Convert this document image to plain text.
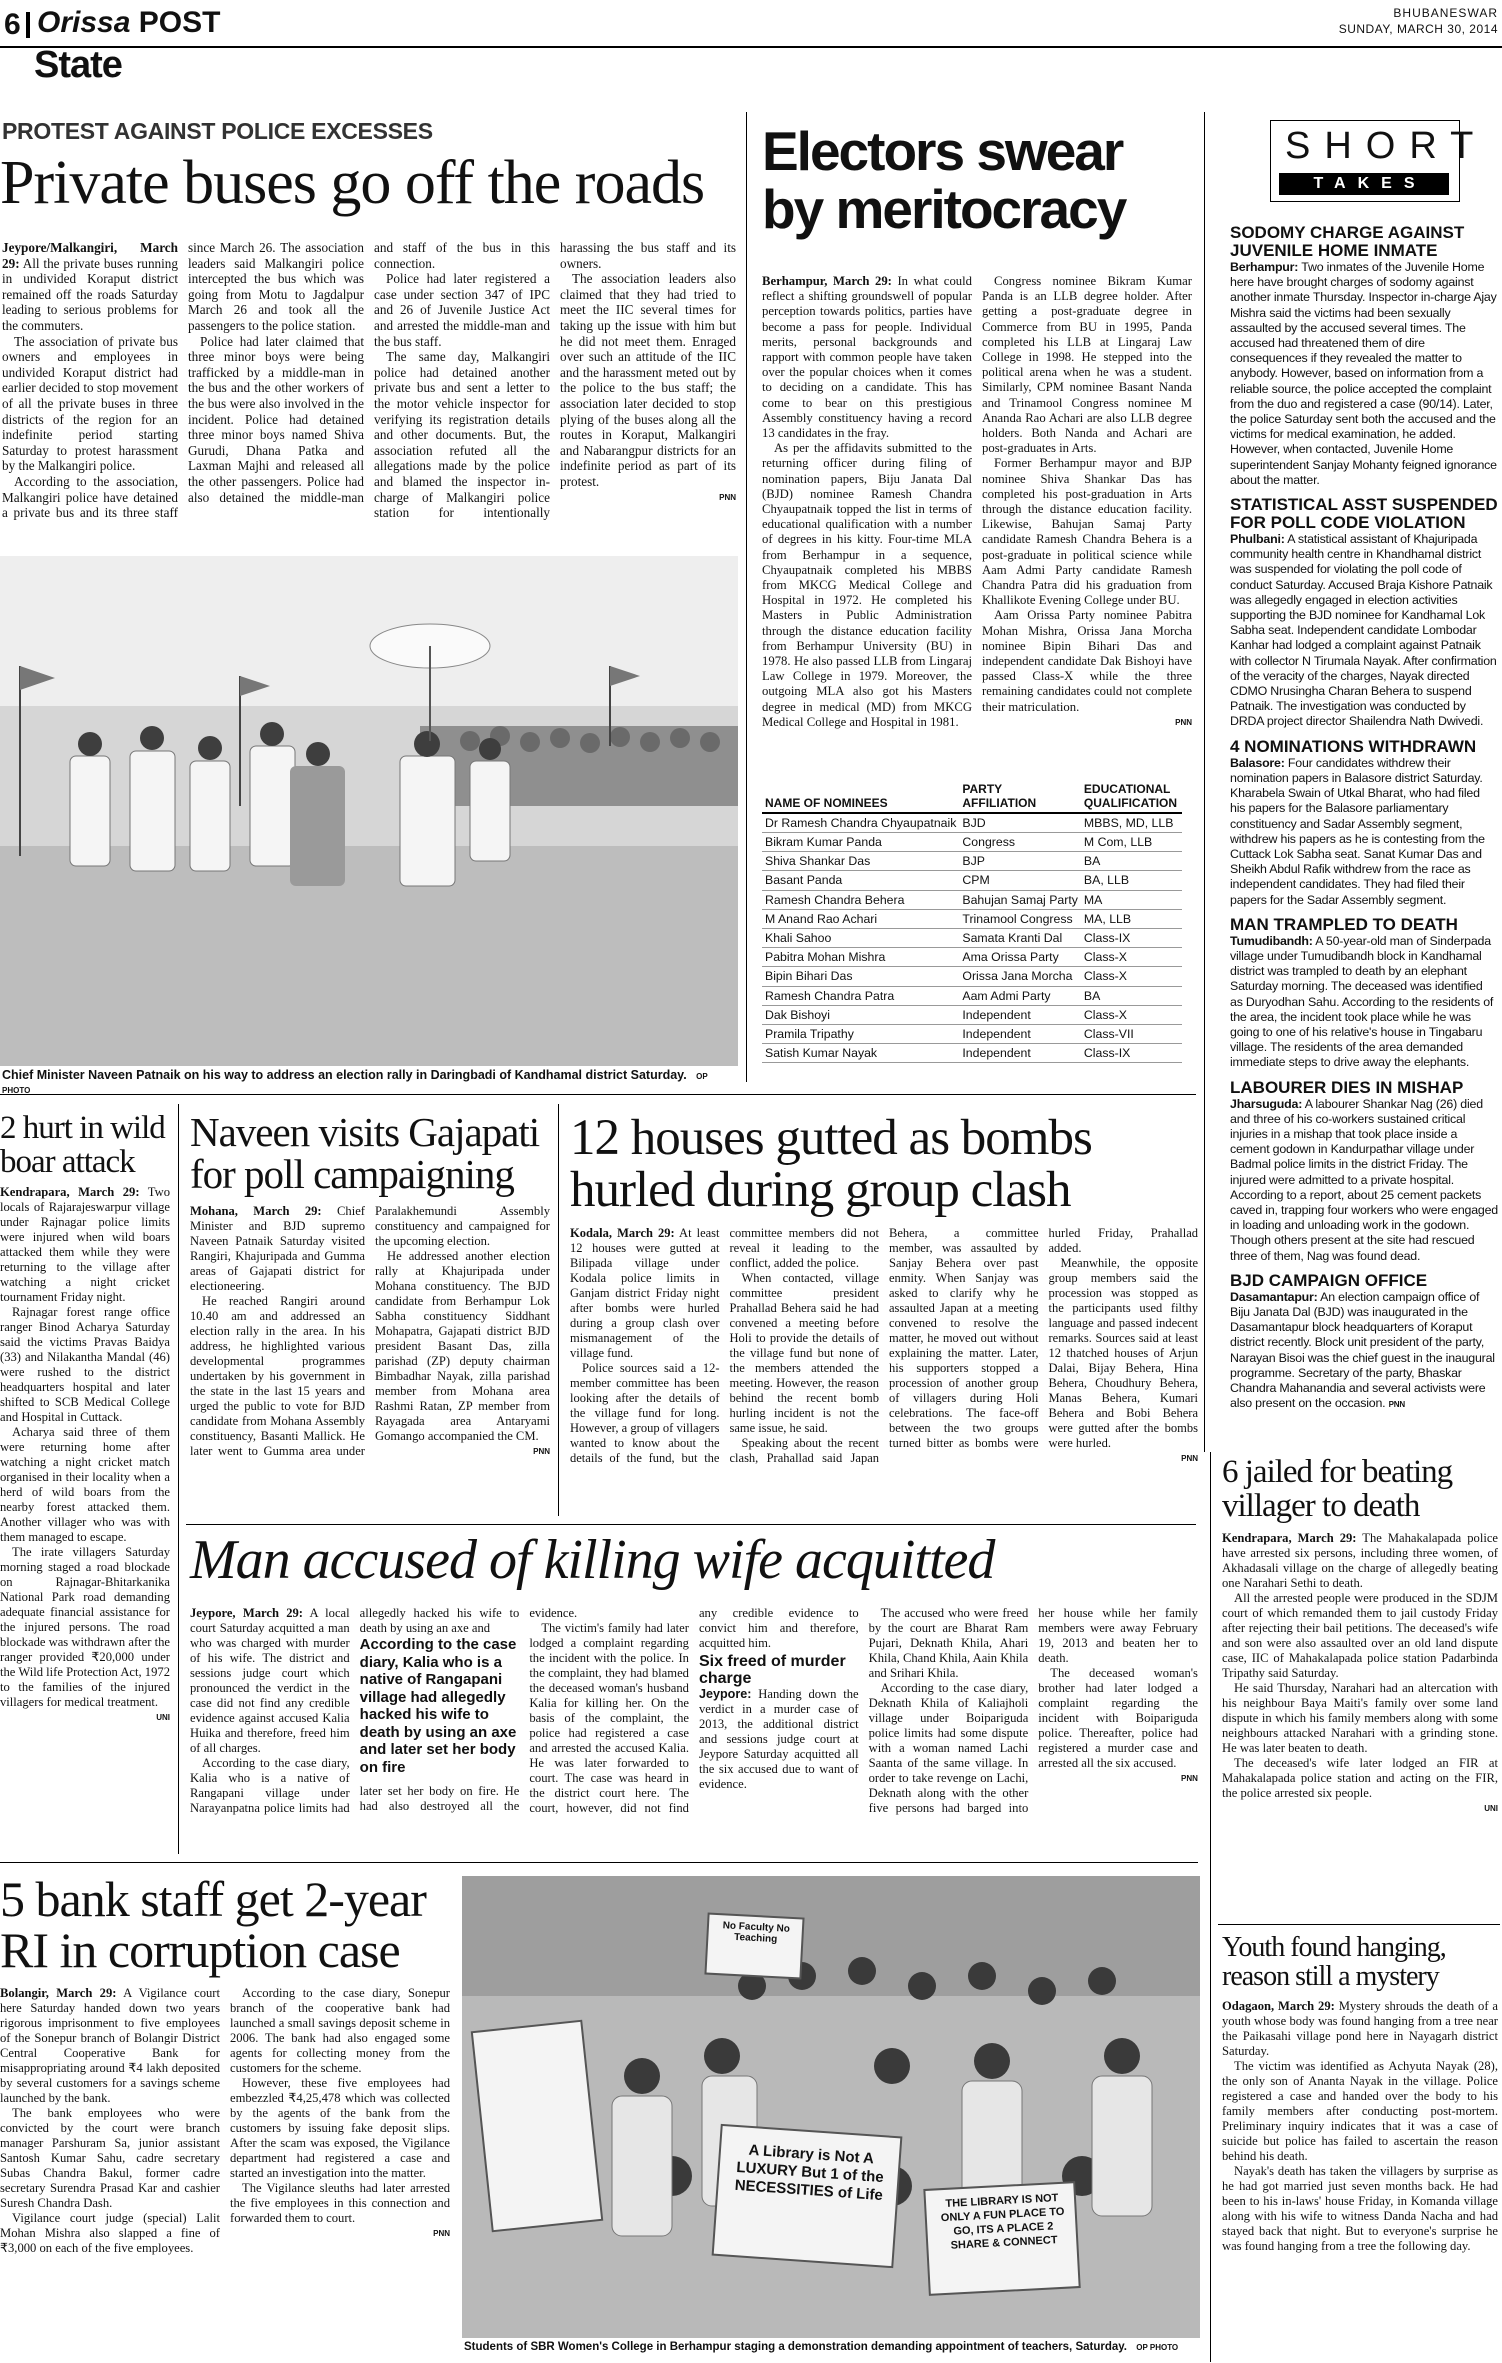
6 Orissa POST	BHUBANESWAR
SUNDAY, MARCH 30, 2014
State
PROTEST AGAINST POLICE EXCESSES
Private buses go off the roads

Jeypore/Malkangiri, March 29: All the private buses running in undivided Koraput district remained off the roads Saturday leading to serious problems for the commuters.

The association of private bus owners and employees in undivided Koraput district had earlier decided to stop movement of all the private buses in three districts of the region for an indefinite period starting Saturday to protest harassment by the Malkangiri police.

According to the association, Malkangiri police have detained a private bus and its three staff since March 26. The association leaders said Malkangiri police intercepted the bus which was going from Motu to Jagdalpur March 26 and took all the passengers to the police station.

Police had later claimed that three minor boys were being trafficked by a middle-man in the bus and the other workers of the bus were also involved in the incident. Police had detained three minor boys named Shiva Gurudi, Dhana Patka and Laxman Majhi and released all the other passengers. Police had also detained the middle-man and staff of the bus in this connection.

Police had later registered a case under section 347 of IPC and 26 of Juvenile Justice Act and arrested the middle-man and the bus staff.

The same day, Malkangiri police had detained another private bus and sent a letter to the motor vehicle inspector for verifying its registration details and other documents. But, the association refuted all the allegations made by the police and blamed the inspector in-charge of Malkangiri police station for intentionally harassing the bus staff and its owners.

The association leaders also claimed that they had tried to meet the IIC several times for taking up the issue with him but he did not meet them. Enraged over such an attitude of the IIC and the harassment meted out by the police to the bus staff; the association later decided to stop plying of the buses along all the routes in Koraput, Malkangiri and Nabarangpur districts for an indefinite period as part of its protest.

PNN
Chief Minister Naveen Patnaik on his way to address an election rally in Daringbadi of Kandhamal district Saturday. OP PHOTO
Electors swear by meritocracy

Berhampur, March 29: In what could reflect a shifting groundswell of popular perception towards politics, parties have become a pass for people. Individual merits, personal backgrounds and rapport with common people have taken over the popular choices when it comes to deciding on a candidate. This has come to bear on this prestigious Assembly constituency having a record 13 candidates in the fray.

As per the affidavits submitted to the returning officer during filing of nomination papers, Biju Janata Dal (BJD) nominee Ramesh Chandra Chyaupatnaik topped the list in terms of educational qualification with a number of degrees in his kitty. Four-time MLA from Berhampur in a sequence, Chyaupatnaik completed his MBBS from MKCG Medical College and Hospital in 1972. He completed his Masters in Public Administration through the distance education facility from Berhampur University (BU) in 1978. He also passed LLB from Lingaraj Law College in 1979. Moreover, the outgoing MLA also got his Masters degree in medical (MD) from MKCG Medical College and Hospital in 1981.

Congress nominee Bikram Kumar Panda is an LLB degree holder. After getting a post-graduate degree in Commerce from BU in 1995, Panda completed his LLB at Lingaraj Law College in 1998. He stepped into the political arena when he was a student. Similarly, CPM nominee Basant Nanda and Trinamool Congress nominee M Ananda Rao Achari are also LLB degree holders. Both Nanda and Achari are post-graduates in Arts.

Former Berhampur mayor and BJP nominee Shiva Shankar Das has completed his post-graduation in Arts through the distance education facility. Likewise, Bahujan Samaj Party candidate Ramesh Chandra Behera is a post-graduate in political science while Aam Admi Party candidate Ramesh Chandra Patra did his graduation from Khallikote Evening College under BU.

Aam Orissa Party nominee Pabitra Mohan Mishra, Orissa Jana Morcha nominee Bipin Bihari Das and independent candidate Dak Bishoyi have passed Class-X while the three remaining candidates could not complete their matriculation.

PNN
NAME OF NOMINEES	PARTY AFFILIATION	EDUCATIONAL QUALIFICATION
Dr Ramesh Chandra Chyaupatnaik	BJD	MBBS, MD, LLB
Bikram Kumar Panda	Congress	M Com, LLB
Shiva Shankar Das	BJP	BA
Basant Panda	CPM	BA, LLB
Ramesh Chandra Behera	Bahujan Samaj Party	MA
M Anand Rao Achari	Trinamool Congress	MA, LLB
Khali Sahoo	Samata Kranti Dal	Class-IX
Pabitra Mohan Mishra	Ama Orissa Party	Class-X
Bipin Bihari Das	Orissa Jana Morcha	Class-X
Ramesh Chandra Patra	Aam Admi Party	BA
Dak Bishoyi	Independent	Class-X
Pramila Tripathy	Independent	Class-VII
Satish Kumar Nayak	Independent	Class-IX
SHORT
TAKES
SODOMY CHARGE AGAINST JUVENILE HOME INMATE
Berhampur: Two inmates of the Juvenile Home here have brought charges of sodomy against another inmate Thursday. Inspector in-charge Ajay Mishra said the victims had been sexually assaulted by the accused several times. The accused had threatened them of dire consequences if they revealed the matter to anybody. However, based on information from a reliable source, the police accepted the complaint from the duo and registered a case (90/14). Later, the police Saturday sent both the accused and the victims for medical examination, he added. However, when contacted, Juvenile Home superintendent Sanjay Mohanty feigned ignorance about the matter.
STATISTICAL ASST SUSPENDED FOR POLL CODE VIOLATION
Phulbani: A statistical assistant of Khajuripada community health centre in Khandhamal district was suspended for violating the poll code of conduct Saturday. Accused Braja Kishore Patnaik was allegedly engaged in election activities supporting the BJD nominee for Kandhamal Lok Sabha seat. Independent candidate Lombodar Kanhar had lodged a complaint against Patnaik with collector N Tirumala Nayak. After confirmation of the veracity of the charges, Nayak directed CDMO Nrusingha Charan Behera to suspend Patnaik. The investigation was conducted by DRDA project director Shailendra Nath Dwivedi.
4 NOMINATIONS WITHDRAWN
Balasore: Four candidates withdrew their nomination papers in Balasore district Saturday. Kharabela Swain of Utkal Bharat, who had filed his papers for the Balasore parliamentary constituency and Sadar Assembly segment, withdrew his papers as he is contesting from the Cuttack Lok Sabha seat. Sanat Kumar Das and Sheikh Abdul Rafik withdrew from the race as independent candidates. They had filed their papers for the Sadar Assembly segment.
MAN TRAMPLED TO DEATH
Tumudibandh: A 50-year-old man of Sinderpada village under Tumudibandh block in Kandhamal district was trampled to death by an elephant Saturday morning. The deceased was identified as Duryodhan Sahu. According to the residents of the area, the incident took place while he was going to one of his relative's house in Tingabaru village. The residents of the area demanded immediate steps to drive away the elephants.
LABOURER DIES IN MISHAP
Jharsuguda: A labourer Shankar Nag (26) died and three of his co-workers sustained critical injuries in a mishap that took place inside a cement godown in Kandurpathar village under Badmal police limits in the district Friday. The injured were admitted to a private hospital. According to a report, about 25 cement packets caved in, trapping four workers who were engaged in loading and unloading work in the godown. Though others present at the site had rescued three of them, Nag was found dead.
BJD CAMPAIGN OFFICE
Dasamantapur: An election campaign office of Biju Janata Dal (BJD) was inaugurated in the Dasamantapur block headquarters of Koraput district recently. Block unit president of the party, Narayan Bisoi was the chief guest in the inaugural programme. Secretary of the party, Bhaskar Chandra Mahanandia and several activists were also present on the occasion. PNN
2 hurt in wild boar attack

Kendrapara, March 29: Two locals of Rajarajeswarpur village under Rajnagar police limits were injured when wild boars attacked them while they were returning to the village after watching a night cricket tournament Friday night.

Rajnagar forest range office ranger Binod Acharya Saturday said the victims Pravas Baidya (33) and Nilakantha Mandal (46) were rushed to the district headquarters hospital and later shifted to SCB Medical College and Hospital in Cuttack.

Acharya said three of them were returning home after watching a night cricket match organised in their locality when a herd of wild boars from the nearby forest attacked them. Another villager who was with them managed to escape.

The irate villagers Saturday morning staged a road blockade on Rajnagar-Bhitarkanika National Park road demanding adequate financial assistance for the injured persons. The road blockade was withdrawn after the ranger provided ₹20,000 under the Wild life Protection Act, 1972 to the families of the injured villagers for medical treatment.

UNI
Naveen visits Gajapati for poll campaigning

Mohana, March 29: Chief Minister and BJD supremo Naveen Patnaik Saturday visited Rangiri, Khajuripada and Gumma areas of Gajapati district for electioneering.

He reached Rangiri around 10.40 am and addressed an election rally in the area. In his address, he highlighted various developmental programmes undertaken by his government in the state in the last 15 years and urged the public to vote for BJD candidate from Mohana Assembly constituency, Basanti Mallick. He later went to Gumma area under Paralakhemundi Assembly constituency and campaigned for the upcoming election.

He addressed another election rally at Khajuripada under Mohana constituency. The BJD candidate from Berhampur Lok Sabha constituency Siddhant Mohapatra, Gajapati district BJD president Basant Das, zilla parishad (ZP) deputy chairman Bimbadhar Nayak, zilla parishad member from Mohana area Rashmi Ratan, ZP member from Rayagada area Antaryami Gomango accompanied the CM.

PNN
12 houses gutted as bombs hurled during group clash

Kodala, March 29: At least 12 houses were gutted at Bilipada village under Kodala police limits in Ganjam district Friday night after bombs were hurled during a group clash over mismanagement of the village fund.

Police sources said a 12-member committee has been looking after the details of the village fund for long. However, a group of villagers wanted to know about the details of the fund, but the committee members did not reveal it leading to the conflict, added the police.

When contacted, village committee president Prahallad Behera said he had convened a meeting before Holi to provide the details of the village fund but none of the members attended the meeting. However, the reason behind the recent bomb hurling incident is not the same issue, he said.

Speaking about the recent clash, Prahallad said Japan Behera, a committee member, was assaulted by Sanjay Behera over past enmity. When Sanjay was asked to clarify why he assaulted Japan at a meeting convened to resolve the matter, he moved out without explaining the matter. Later, his supporters stopped a procession of another group of villagers during Holi celebrations. The face-off between the two groups turned bitter as bombs were hurled Friday, Prahallad added.

Meanwhile, the opposite group members said the procession was stopped as the participants used filthy language and passed indecent remarks. Sources said at least 12 thatched houses of Arjun Dalai, Bijay Behera, Hina Behera, Choudhury Behera, Manas Behera, Kumari Behera and Bobi Behera were gutted after the bombs were hurled.

PNN
Man accused of killing wife acquitted

Jeypore, March 29: A local court Saturday acquitted a man who was charged with murder of his wife. The district and sessions judge court which pronounced the verdict in the case did not find any credible evidence against accused Kalia Huika and therefore, freed him of all charges.

According to the case diary, Kalia who is a native of Rangapani village under Narayanpatna police limits had allegedly hacked his wife to death by using an axe and

According to the case diary, Kalia who is a native of Rangapani village had allegedly hacked his wife to death by using an axe and later set her body on fire

later set her body on fire. He had also destroyed all the evidence.

The victim's family had later lodged a complaint regarding the incident with the police. In the complaint, they had blamed the deceased woman's husband Kalia for killing her. On the basis of the complaint, the police had registered a case and arrested the accused Kalia. He was later forwarded to court. The case was heard in the district court here. The court, however, did not find any credible evidence to convict him and therefore, acquitted him.

Six freed of murder charge

Jeypore: Handing down the verdict in a murder case of 2013, the additional district and sessions judge court at Jeypore Saturday acquitted all the six accused due to want of evidence.

The accused who were freed by the court are Bharat Ram Pujari, Deknath Khila, Ahari Khila, Chand Khila, Aain Khila and Srihari Khila.

According to the case diary, Deknath Khila of Kaliajholi village under Boipariguda police limits had some dispute with a woman named Lachi Saanta of the same village. In order to take revenge on Lachi, Deknath along with the other five persons had barged into her house while her family members were away February 19, 2013 and beaten her to death.

The deceased woman's brother had later lodged a complaint regarding the incident with Boipariguda police. Thereafter, police had registered a murder case and arrested all the six accused.

PNN
6 jailed for beating villager to death

Kendrapara, March 29: The Mahakalapada police have arrested six persons, including three women, of Akhadasali village on the charge of allegedly beating one Narahari Sethi to death.

All the arrested people were produced in the SDJM court of which remanded them to jail custody Friday after rejecting their bail petitions. The deceased's wife and son were also assaulted over an old land dispute case, IIC of Mahakalapada police station Padarbinda Tripathy said Saturday.

He said Thursday, Narahari had an altercation with his neighbour Baya Maiti's family over some land dispute in which his family members along with some neighbours attacked Narahari with a grinding stone. He was later beaten to death.

The deceased's wife later lodged an FIR at Mahakalapada police station and acting on the FIR, the police arrested six people.

UNI
5 bank staff get 2-year RI in corruption case

Bolangir, March 29: A Vigilance court here Saturday handed down two years rigorous imprisonment to five employees of the Sonepur branch of Bolangir District Central Cooperative Bank for misappropriating around ₹4 lakh deposited by several customers for a savings scheme launched by the bank.

The bank employees who were convicted by the court were branch manager Parshuram Sa, junior assistant Santosh Kumar Sahu, cadre secretary Subas Chandra Bakul, former cadre secretary Surendra Prasad Kar and cashier Suresh Chandra Dash.

Vigilance court judge (special) Lalit Mohan Mishra also slapped a fine of ₹3,000 on each of the five employees.

According to the case diary, Sonepur branch of the cooperative bank had launched a small savings deposit scheme in 2006. The bank had also engaged some agents for collecting money from the customers for the scheme.

However, these five employees had embezzled ₹4,25,478 which was collected by the agents of the bank from the customers by issuing fake deposit slips. After the scam was exposed, the Vigilance department had registered a case and started an investigation into the matter.

The Vigilance sleuths had later arrested the five employees in this connection and forwarded them to court.

PNN
No Faculty No Teaching
A Library is Not A LUXURY But 1 of the NECESSITIES of Life	THE LIBRARY IS NOT ONLY A FUN PLACE TO GO, ITS A PLACE 2 SHARE & CONNECT
Students of SBR Women's College in Berhampur staging a demonstration demanding appointment of teachers, Saturday. OP PHOTO
Youth found hanging, reason still a mystery

Odagaon, March 29: Mystery shrouds the death of a youth whose body was found hanging from a tree near the Paikasahi village pond here in Nayagarh district Saturday.

The victim was identified as Achyuta Nayak (28), the only son of Ananta Nayak in the village. Police registered a case and handed over the body to his family members after conducting post-mortem. Preliminary inquiry indicates that it was a case of suicide but police has failed to ascertain the reason behind his death.

Nayak's death has taken the villagers by surprise as he had got married just seven months back. He had been to his in-laws' house Friday, in Komanda village along with his wife to witness Danda Nacha and had stayed back that night. But to everyone's surprise he was found hanging from a tree the following day.
